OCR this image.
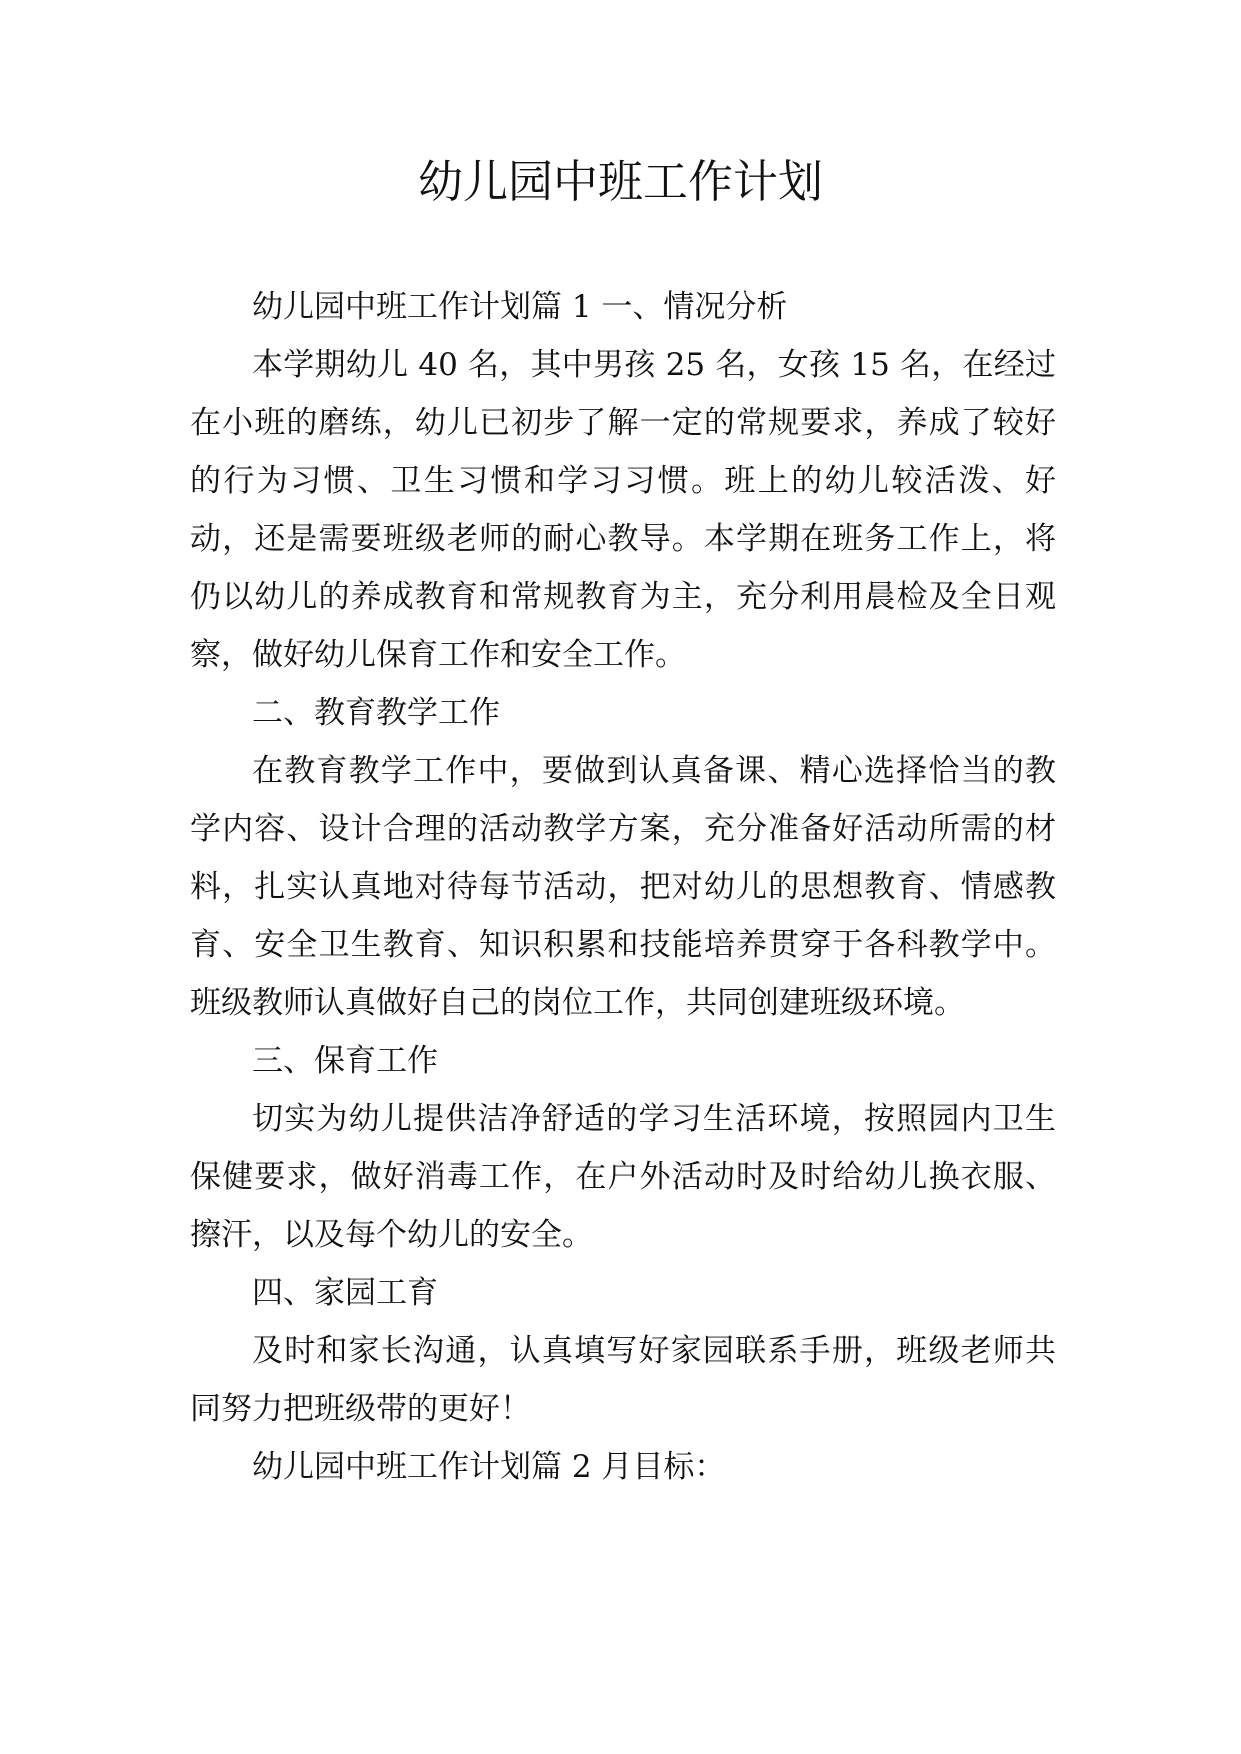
幼儿园中班工作计划

幼儿园中班工作计划篇 1 一、情况分析

本学期幼儿 40 名，其中男孩 25 名，女孩 15 名，在经过在小班的磨练，幼儿已初步了解一定的常规要求，养成了较好的行为习惯、卫生习惯和学习习惯。班上的幼儿较活泼、好动，还是需要班级老师的耐心教导。本学期在班务工作上，将仍以幼儿的养成教育和常规教育为主，充分利用晨检及全日观察，做好幼儿保育工作和安全工作。

二、教育教学工作

在教育教学工作中，要做到认真备课、精心选择恰当的教学内容、设计合理的活动教学方案，充分准备好活动所需的材料，扎实认真地对待每节活动，把对幼儿的思想教育、情感教育、安全卫生教育、知识积累和技能培养贯穿于各科教学中。班级教师认真做好自己的岗位工作，共同创建班级环境。

三、保育工作

切实为幼儿提供洁净舒适的学习生活环境，按照园内卫生保健要求，做好消毒工作，在户外活动时及时给幼儿换衣服、擦汗，以及每个幼儿的安全。

四、家园工育

及时和家长沟通，认真填写好家园联系手册，班级老师共同努力把班级带的更好！

幼儿园中班工作计划篇 2 月目标：
